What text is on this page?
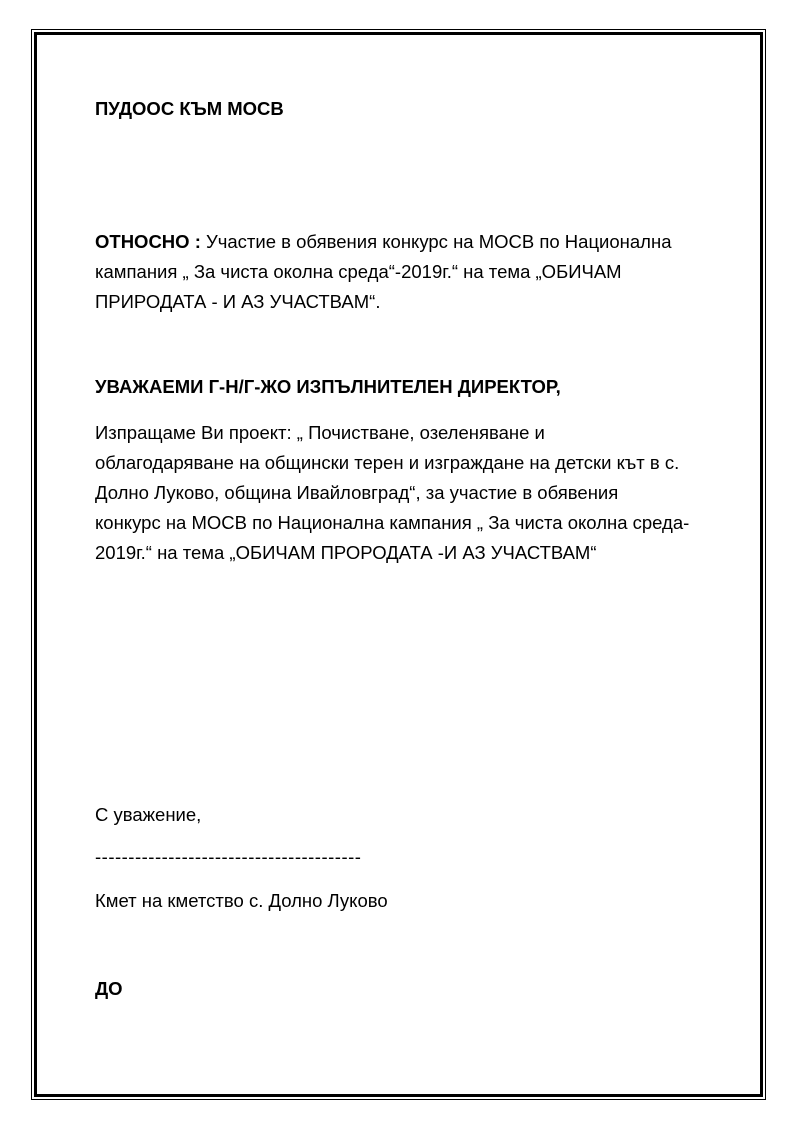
ПУДООС КЪМ МОСВ
ОТНОСНО : Участие в обявения конкурс на МОСВ по Национална
кампания „ За чиста околна среда“-2019г.“ на тема „ОБИЧАМ
ПРИРОДАТА - И АЗ УЧАСТВАМ“.
УВАЖАЕМИ Г-Н/Г-ЖО ИЗПЪЛНИТЕЛЕН ДИРЕКТОР,
Изпращаме Ви проект: „ Почистване, озеленяване и
облагодаряване на общински терен и изграждане на детски кът в с.
Долно Луково, община Ивайловград“, за участие в обявения
конкурс на МОСВ по Национална кампания „ За чиста околна среда-
2019г.“ на тема „ОБИЧАМ ПРОРОДАТА -И АЗ УЧАСТВАМ“
С уважение,
----------------------------------------
Кмет на кметство с. Долно Луково
ДО
